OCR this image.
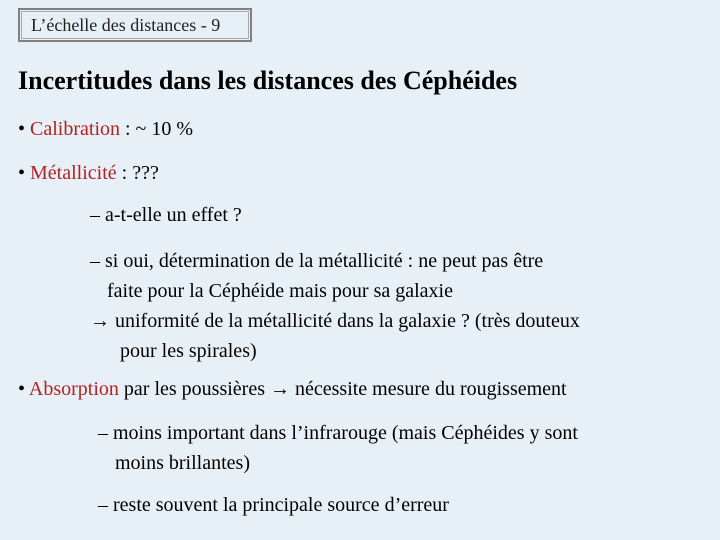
L’échelle des distances - 9
Incertitudes dans les distances des Céphéides
• Calibration : ~ 10 %
• Métallicité : ???
– a-t-elle un effet ?
– si oui, détermination de la métallicité : ne peut pas être
faite pour la Céphéide mais pour sa galaxie
→ uniformité de la métallicité dans la galaxie ? (très douteux
pour les spirales)
• Absorption par les poussières → nécessite mesure du rougissement
– moins important dans l’infrarouge (mais Céphéides y sont
moins brillantes)
– reste souvent la principale source d’erreur
